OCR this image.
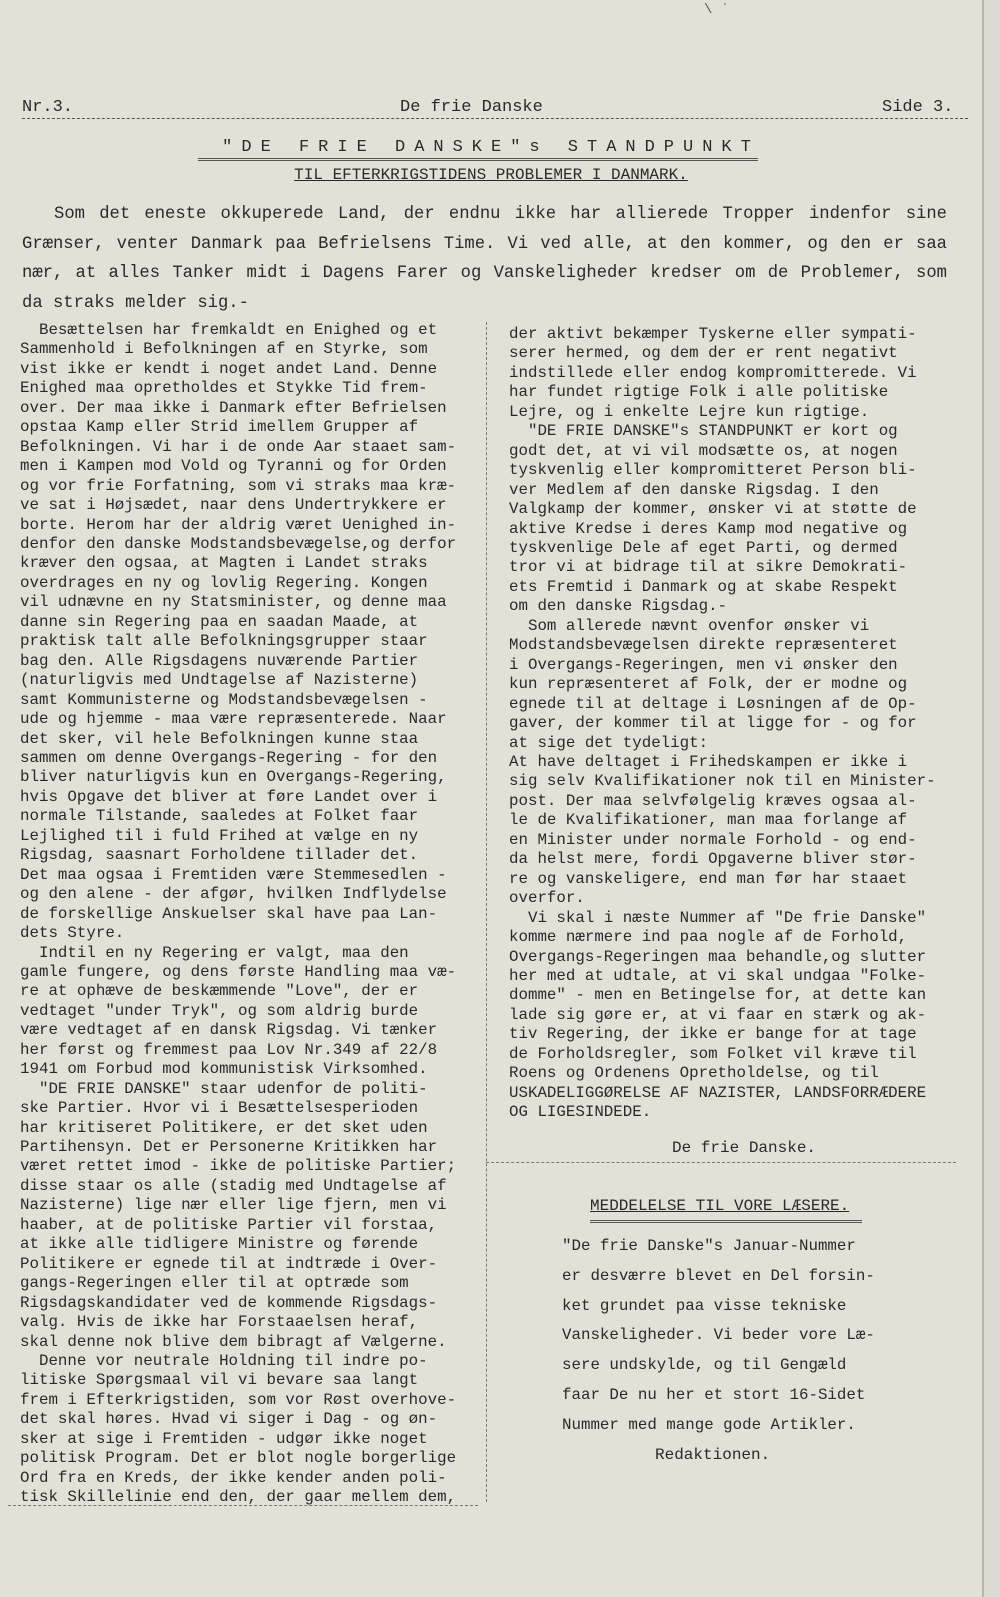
\ ˈ
Nr.3.	De frie Danske	Side 3.
"DE FRIE DANSKE"s STANDPUNKT
TIL EFTERKRIGSTIDENS PROBLEMER I DANMARK.
Som det eneste okkuperede Land, der endnu ikke har allierede Tropper indenfor sine Grænser, venter Danmark paa Befrielsens Time. Vi ved alle, at den kommer, og den er saa nær, at alles Tanker midt i Dagens Farer og Vanskeligheder kredser om de Problemer, som da straks melder sig.-
Besættelsen har fremkaldt en Enighed og et
Sammenhold i Befolkningen af en Styrke, som
vist ikke er kendt i noget andet Land. Denne
Enighed maa opretholdes et Stykke Tid frem-
over. Der maa ikke i Danmark efter Befrielsen
opstaa Kamp eller Strid imellem Grupper af
Befolkningen. Vi har i de onde Aar staaet sam-
men i Kampen mod Vold og Tyranni og for Orden
og vor frie Forfatning, som vi straks maa kræ-
ve sat i Højsædet, naar dens Undertrykkere er
borte. Herom har der aldrig været Uenighed in-
denfor den danske Modstandsbevægelse,og derfor
kræver den ogsaa, at Magten i Landet straks
overdrages en ny og lovlig Regering. Kongen
vil udnævne en ny Statsminister, og denne maa
danne sin Regering paa en saadan Maade, at
praktisk talt alle Befolkningsgrupper staar
bag den. Alle Rigsdagens nuværende Partier
(naturligvis med Undtagelse af Nazisterne)
samt Kommunisterne og Modstandsbevægelsen -
ude og hjemme - maa være repræsenterede. Naar
det sker, vil hele Befolkningen kunne staa
sammen om denne Overgangs-Regering - for den
bliver naturligvis kun en Overgangs-Regering,
hvis Opgave det bliver at føre Landet over i
normale Tilstande, saaledes at Folket faar
Lejlighed til i fuld Frihed at vælge en ny
Rigsdag, saasnart Forholdene tillader det.
Det maa ogsaa i Fremtiden være Stemmesedlen -
og den alene - der afgør, hvilken Indflydelse
de forskellige Anskuelser skal have paa Lan-
dets Styre.
Indtil en ny Regering er valgt, maa den
gamle fungere, og dens første Handling maa væ-
re at ophæve de beskæmmende "Love", der er
vedtaget "under Tryk", og som aldrig burde
være vedtaget af en dansk Rigsdag. Vi tænker
her først og fremmest paa Lov Nr.349 af 22/8
1941 om Forbud mod kommunistisk Virksomhed.
"DE FRIE DANSKE" staar udenfor de politi-
ske Partier. Hvor vi i Besættelsesperioden
har kritiseret Politikere, er det sket uden
Partihensyn. Det er Personerne Kritikken har
været rettet imod - ikke de politiske Partier;
disse staar os alle (stadig med Undtagelse af
Nazisterne) lige nær eller lige fjern, men vi
haaber, at de politiske Partier vil forstaa,
at ikke alle tidligere Ministre og førende
Politikere er egnede til at indtræde i Over-
gangs-Regeringen eller til at optræde som
Rigsdagskandidater ved de kommende Rigsdags-
valg. Hvis de ikke har Forstaaelsen heraf,
skal denne nok blive dem bibragt af Vælgerne.
Denne vor neutrale Holdning til indre po-
litiske Spørgsmaal vil vi bevare saa langt
frem i Efterkrigstiden, som vor Røst overhove-
det skal høres. Hvad vi siger i Dag - og øn-
sker at sige i Fremtiden - udgør ikke noget
politisk Program. Det er blot nogle borgerlige
Ord fra en Kreds, der ikke kender anden poli-
tisk Skillelinie end den, der gaar mellem dem,
der aktivt bekæmper Tyskerne eller sympati-
serer hermed, og dem der er rent negativt
indstillede eller endog kompromitterede. Vi
har fundet rigtige Folk i alle politiske
Lejre, og i enkelte Lejre kun rigtige.
"DE FRIE DANSKE"s STANDPUNKT er kort og
godt det, at vi vil modsætte os, at nogen
tyskvenlig eller kompromitteret Person bli-
ver Medlem af den danske Rigsdag. I den
Valgkamp der kommer, ønsker vi at støtte de
aktive Kredse i deres Kamp mod negative og
tyskvenlige Dele af eget Parti, og dermed
tror vi at bidrage til at sikre Demokrati-
ets Fremtid i Danmark og at skabe Respekt
om den danske Rigsdag.-
Som allerede nævnt ovenfor ønsker vi
Modstandsbevægelsen direkte repræsenteret
i Overgangs-Regeringen, men vi ønsker den
kun repræsenteret af Folk, der er modne og
egnede til at deltage i Løsningen af de Op-
gaver, der kommer til at ligge for - og for
at sige det tydeligt:
At have deltaget i Frihedskampen er ikke i
sig selv Kvalifikationer nok til en Minister-
post. Der maa selvfølgelig kræves ogsaa al-
le de Kvalifikationer, man maa forlange af
en Minister under normale Forhold - og end-
da helst mere, fordi Opgaverne bliver stør-
re og vanskeligere, end man før har staaet
overfor.
Vi skal i næste Nummer af "De frie Danske"
komme nærmere ind paa nogle af de Forhold,
Overgangs-Regeringen maa behandle,og slutter
her med at udtale, at vi skal undgaa "Folke-
domme" - men en Betingelse for, at dette kan
lade sig gøre er, at vi faar en stærk og ak-
tiv Regering, der ikke er bange for at tage
de Forholdsregler, som Folket vil kræve til
Roens og Ordenens Opretholdelse, og til
USKADELIGGØRELSE AF NAZISTER, LANDSFORRÆDERE
OG LIGESINDEDE.
De frie Danske.
MEDDELELSE TIL VORE LÆSERE.
"De frie Danske"s Januar-Nummer
er desværre blevet en Del forsin-
ket grundet paa visse tekniske
Vanskeligheder. Vi beder vore Læ-
sere undskylde, og til Gengæld
faar De nu her et stort 16-Sidet
Nummer med mange gode Artikler.
Redaktionen.
